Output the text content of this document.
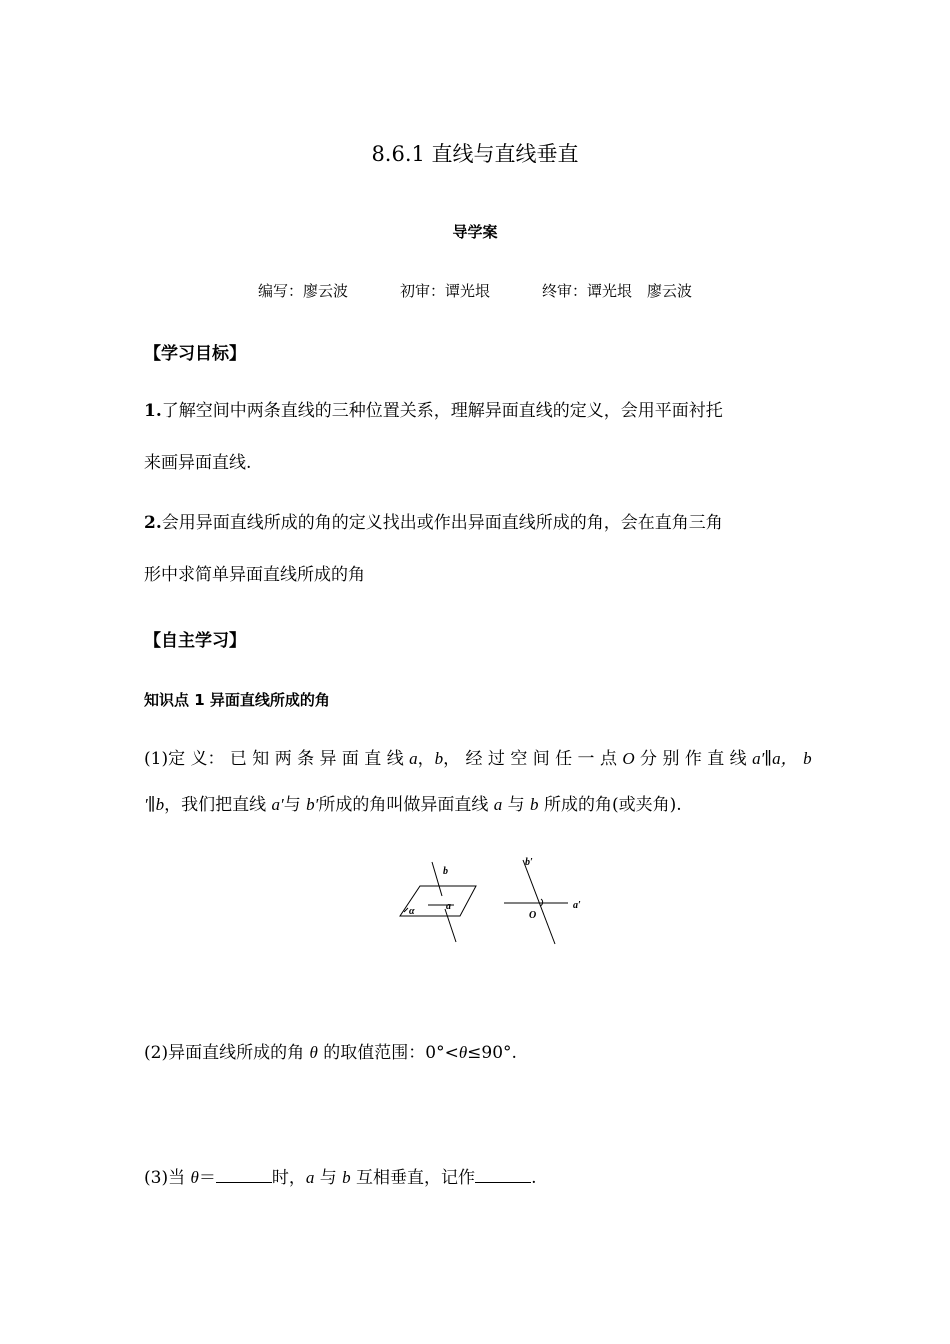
8.6.1 直线与直线垂直
导学案
编写：廖云波	初审：谭光垠	终审：谭光垠　廖云波
【学习目标】
1.了解空间中两条直线的三种位置关系，理解异面直线的定义，会用平面衬托
来画异面直线.
2.会用异面直线所成的角的定义找出或作出异面直线所成的角，会在直角三角
形中求简单异面直线所成的角
【自主学习】
知识点 1 异面直线所成的角
(1)定 义： 已 知 两 条 异 面 直 线 a，b， 经 过 空 间 任 一 点 O 分 别 作 直 线 a′∥a， b
′∥b，我们把直线 a′与 b′所成的角叫做异面直线 a 与 b 所成的角(或夹角).
b
a
α
b′
a′
O
(2)异面直线所成的角 θ 的取值范围：0°<θ≤90°.
(3)当 θ＝	时，a 与 b 互相垂直，记作	.
